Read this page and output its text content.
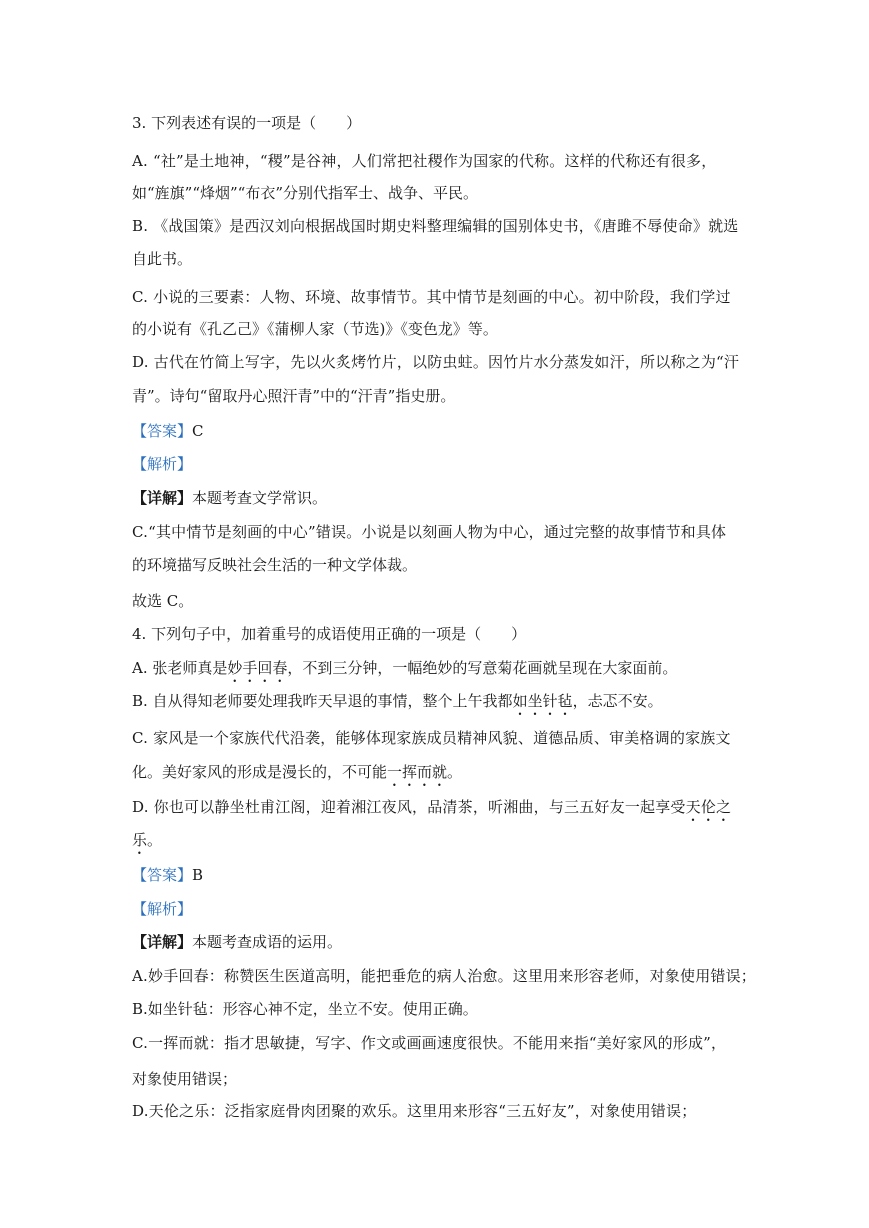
3. 下列表述有误的一项是（　　）
A. “社”是土地神，“稷”是谷神，人们常把社稷作为国家的代称。这样的代称还有很多，
如“旌旗”“烽烟”“布衣”分别代指军士、战争、平民。
B. 《战国策》是西汉刘向根据战国时期史料整理编辑的国别体史书，《唐雎不辱使命》就选
自此书。
C. 小说的三要素：人物、环境、故事情节。其中情节是刻画的中心。初中阶段，我们学过
的小说有《孔乙己》《蒲柳人家（节选)》《变色龙》等。
D. 古代在竹简上写字，先以火炙烤竹片，以防虫蛀。因竹片水分蒸发如汗，所以称之为“汗
青”。诗句“留取丹心照汗青”中的“汗青”指史册。
【答案】C
【解析】
【详解】本题考查文学常识。
C.“其中情节是刻画的中心”错误。小说是以刻画人物为中心，通过完整的故事情节和具体
的环境描写反映社会生活的一种文学体裁。
故选 C。
4. 下列句子中，加着重号的成语使用正确的一项是（　　）
A. 张老师真是妙手回春，不到三分钟，一幅绝妙的写意菊花画就呈现在大家面前。
B. 自从得知老师要处理我昨天早退的事情，整个上午我都如坐针毡，忐忑不安。
C. 家风是一个家族代代沿袭，能够体现家族成员精神风貌、道德品质、审美格调的家族文
化。美好家风的形成是漫长的，不可能一挥而就。
D. 你也可以静坐杜甫江阁，迎着湘江夜风，品清茶，听湘曲，与三五好友一起享受天伦之
乐。
【答案】B
【解析】
【详解】本题考查成语的运用。
A.妙手回春：称赞医生医道高明，能把垂危的病人治愈。这里用来形容老师，对象使用错误；
B.如坐针毡：形容心神不定，坐立不安。使用正确。
C.一挥而就：指才思敏捷，写字、作文或画画速度很快。不能用来指“美好家风的形成”，
对象使用错误；
D.天伦之乐：泛指家庭骨肉团聚的欢乐。这里用来形容“三五好友”，对象使用错误；
